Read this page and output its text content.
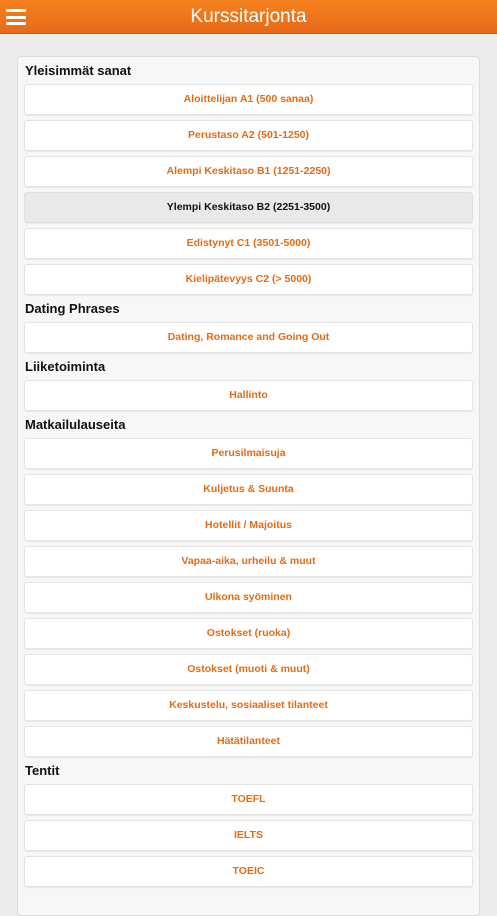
Kurssitarjonta
Yleisimmät sanat
Aloittelijan A1 (500 sanaa)
Perustaso A2 (501-1250)
Alempi Keskitaso B1 (1251-2250)
Ylempi Keskitaso B2 (2251-3500)
Edistynyt C1 (3501-5000)
Kielipätevyys C2 (> 5000)
Dating Phrases
Dating, Romance and Going Out
Liiketoiminta
Hallinto
Matkailulauseita
Perusilmaisuja
Kuljetus & Suunta
Hotellit / Majoitus
Vapaa-aika, urheilu & muut
Ulkona syöminen
Ostokset (ruoka)
Ostokset (muoti & muut)
Keskustelu, sosiaaliset tilanteet
Hätätilanteet
Tentit
TOEFL
IELTS
TOEIC
